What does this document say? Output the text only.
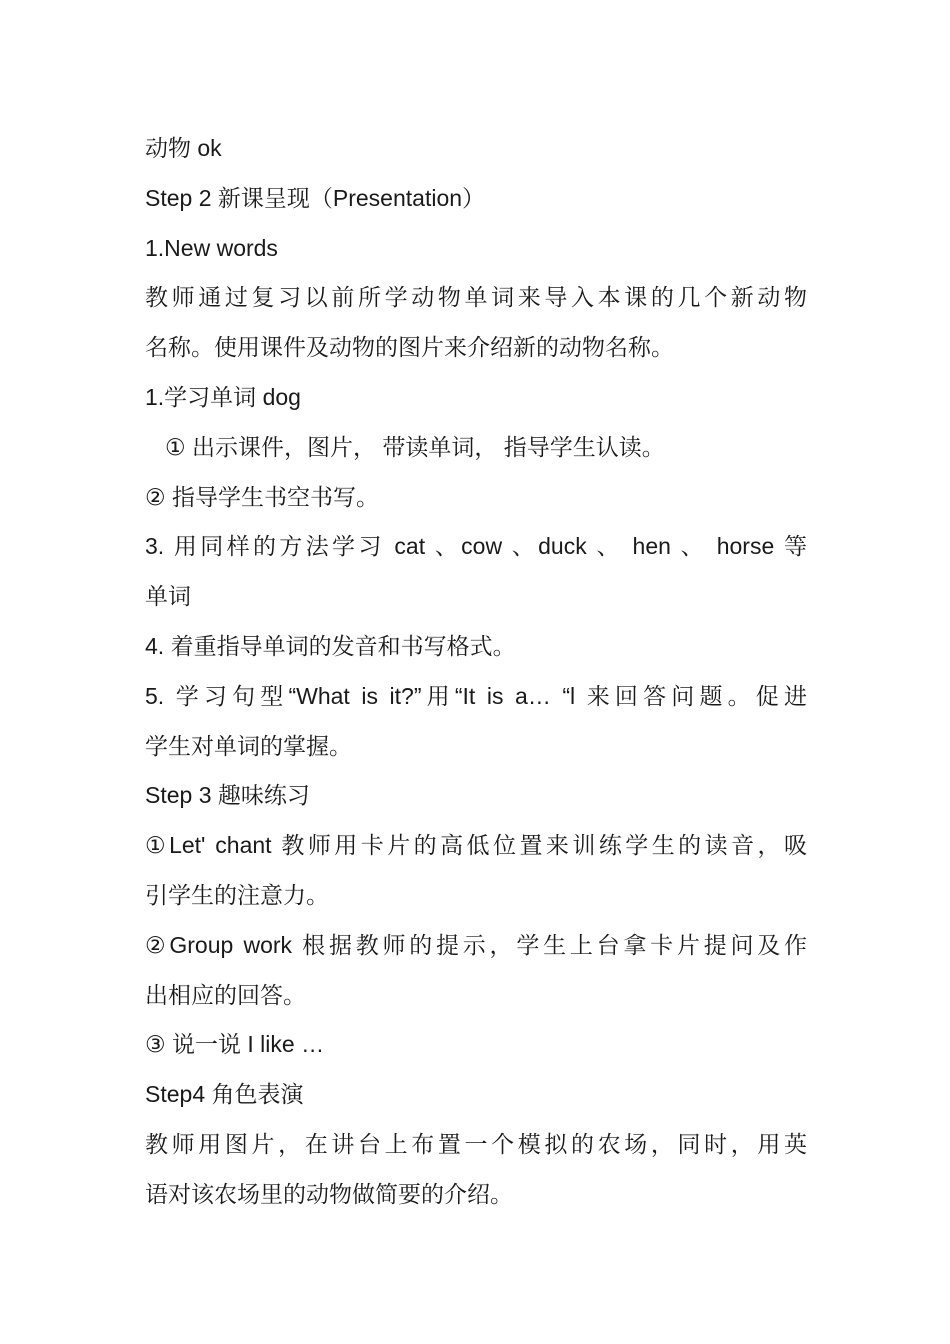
动物 ok
Step 2 新课呈现（Presentation）
1.New words
教师通过复习以前所学动物单词来导入本课的几个新动物
名称。使用课件及动物的图片来介绍新的动物名称。
1.学习单词 dog
① 出示课件，图片， 带读单词， 指导学生认读。
② 指导学生书空书写。
3. 用同样的方法学习 cat 、cow 、duck 、 hen 、 horse 等
单词
4. 着重指导单词的发音和书写格式。
5. 学习句型“What is it?”用“It is a… “l 来回答问题。促进
学生对单词的掌握。
Step 3 趣味练习
①Let' chant 教师用卡片的高低位置来训练学生的读音，吸
引学生的注意力。
②Group work 根据教师的提示，学生上台拿卡片提问及作
出相应的回答。
③ 说一说 I like …
Step4 角色表演
教师用图片，在讲台上布置一个模拟的农场，同时，用英
语对该农场里的动物做简要的介绍。
